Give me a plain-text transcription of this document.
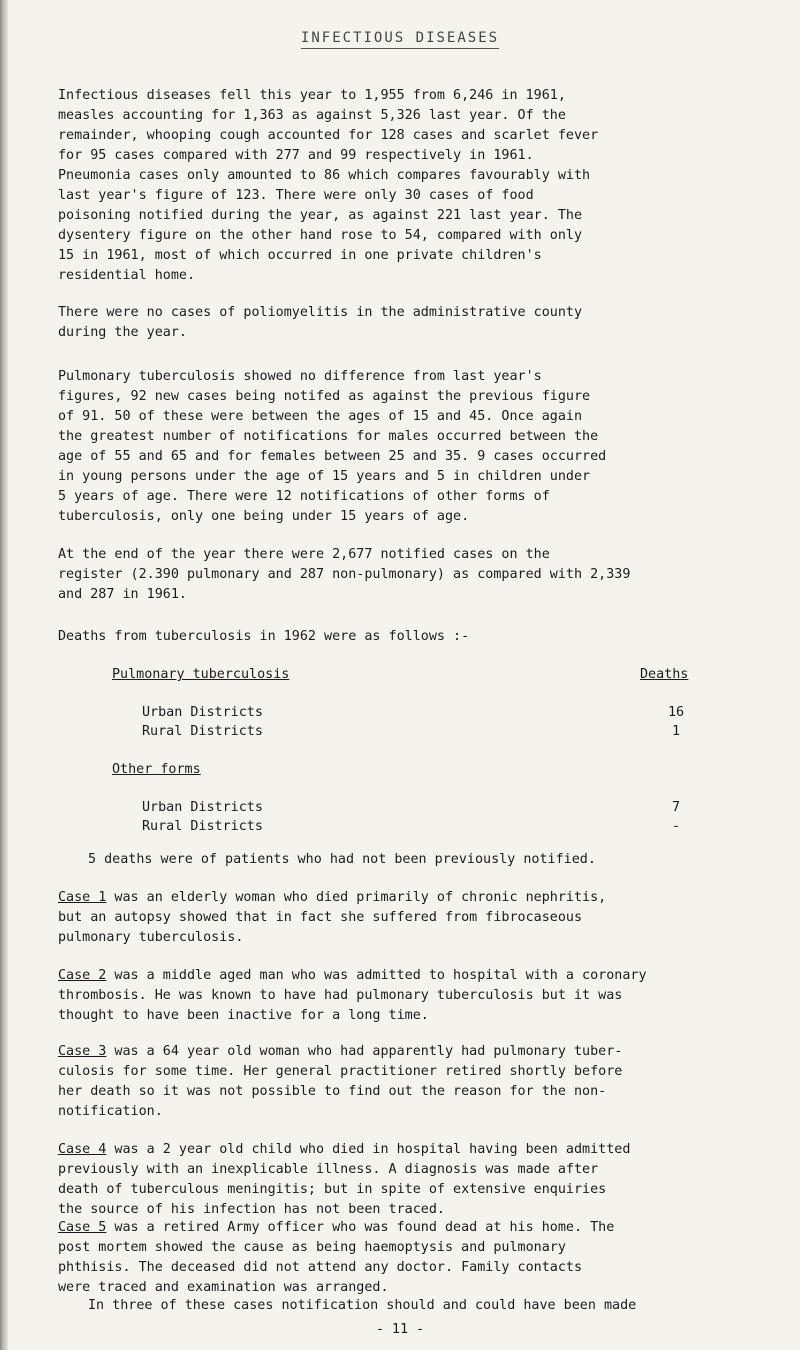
INFECTIOUS DISEASES
Infectious diseases fell this year to 1,955 from 6,246 in 1961,
measles accounting for 1,363 as against 5,326 last year. Of the
remainder, whooping cough accounted for 128 cases and scarlet fever
for 95 cases compared with 277 and 99 respectively in 1961.
Pneumonia cases only amounted to 86 which compares favourably with
last year's figure of 123. There were only 30 cases of food
poisoning notified during the year, as against 221 last year. The
dysentery figure on the other hand rose to 54, compared with only
15 in 1961, most of which occurred in one private children's
residential home.
There were no cases of poliomyelitis in the administrative county
during the year.
Pulmonary tuberculosis showed no difference from last year's
figures, 92 new cases being notifed as against the previous figure
of 91. 50 of these were between the ages of 15 and 45. Once again
the greatest number of notifications for males occurred between the
age of 55 and 65 and for females between 25 and 35. 9 cases occurred
in young persons under the age of 15 years and 5 in children under
5 years of age. There were 12 notifications of other forms of
tuberculosis, only one being under 15 years of age.
At the end of the year there were 2,677 notified cases on the
register (2.390 pulmonary and 287 non-pulmonary) as compared with 2,339
and 287 in 1961.
Deaths from tuberculosis in 1962 were as follows :-
Pulmonary tuberculosis	Deaths
Urban Districts	16
Rural Districts	1
Other forms
Urban Districts	7
Rural Districts	-
5 deaths were of patients who had not been previously notified.
Case 1 was an elderly woman who died primarily of chronic nephritis,
but an autopsy showed that in fact she suffered from fibrocaseous
pulmonary tuberculosis.
Case 2 was a middle aged man who was admitted to hospital with a coronary
thrombosis. He was known to have had pulmonary tuberculosis but it was
thought to have been inactive for a long time.
Case 3 was a 64 year old woman who had apparently had pulmonary tuber-
culosis for some time. Her general practitioner retired shortly before
her death so it was not possible to find out the reason for the non-
notification.
Case 4 was a 2 year old child who died in hospital having been admitted
previously with an inexplicable illness. A diagnosis was made after
death of tuberculous meningitis; but in spite of extensive enquiries
the source of his infection has not been traced.
Case 5 was a retired Army officer who was found dead at his home. The
post mortem showed the cause as being haemoptysis and pulmonary
phthisis. The deceased did not attend any doctor. Family contacts
were traced and examination was arranged.
In three of these cases notification should and could have been made
- 11 -
